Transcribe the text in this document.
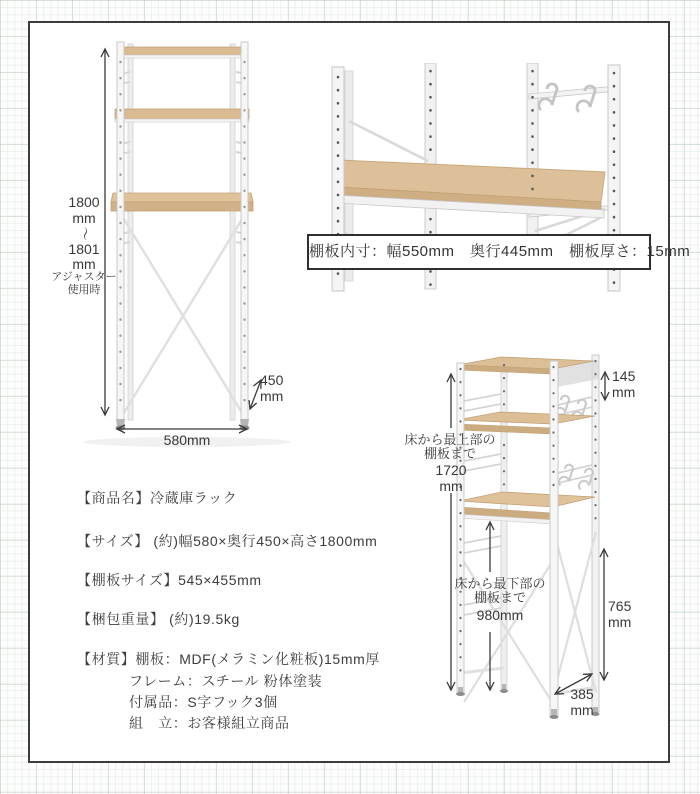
1800
mm
〜
1801
mm
アジャスター
使用時
450
mm
580mm
棚板内寸：幅550mm　奥行445mm　棚板厚さ：15mm
145
mm
床から最上部の
棚板まで
1720
mm
床から最下部の
棚板まで
980mm
765
mm
385
mm
【商品名】冷蔵庫ラック
【サイズ】 (約)幅580×奥行450×高さ1800mm
【棚板サイズ】545×455mm
【梱包重量】 (約)19.5kg
【材質】棚板：MDF(メラミン化粧板)15mm厚
フレーム：スチール 粉体塗装
付属品：S字フック3個
組　立：お客様組立商品
